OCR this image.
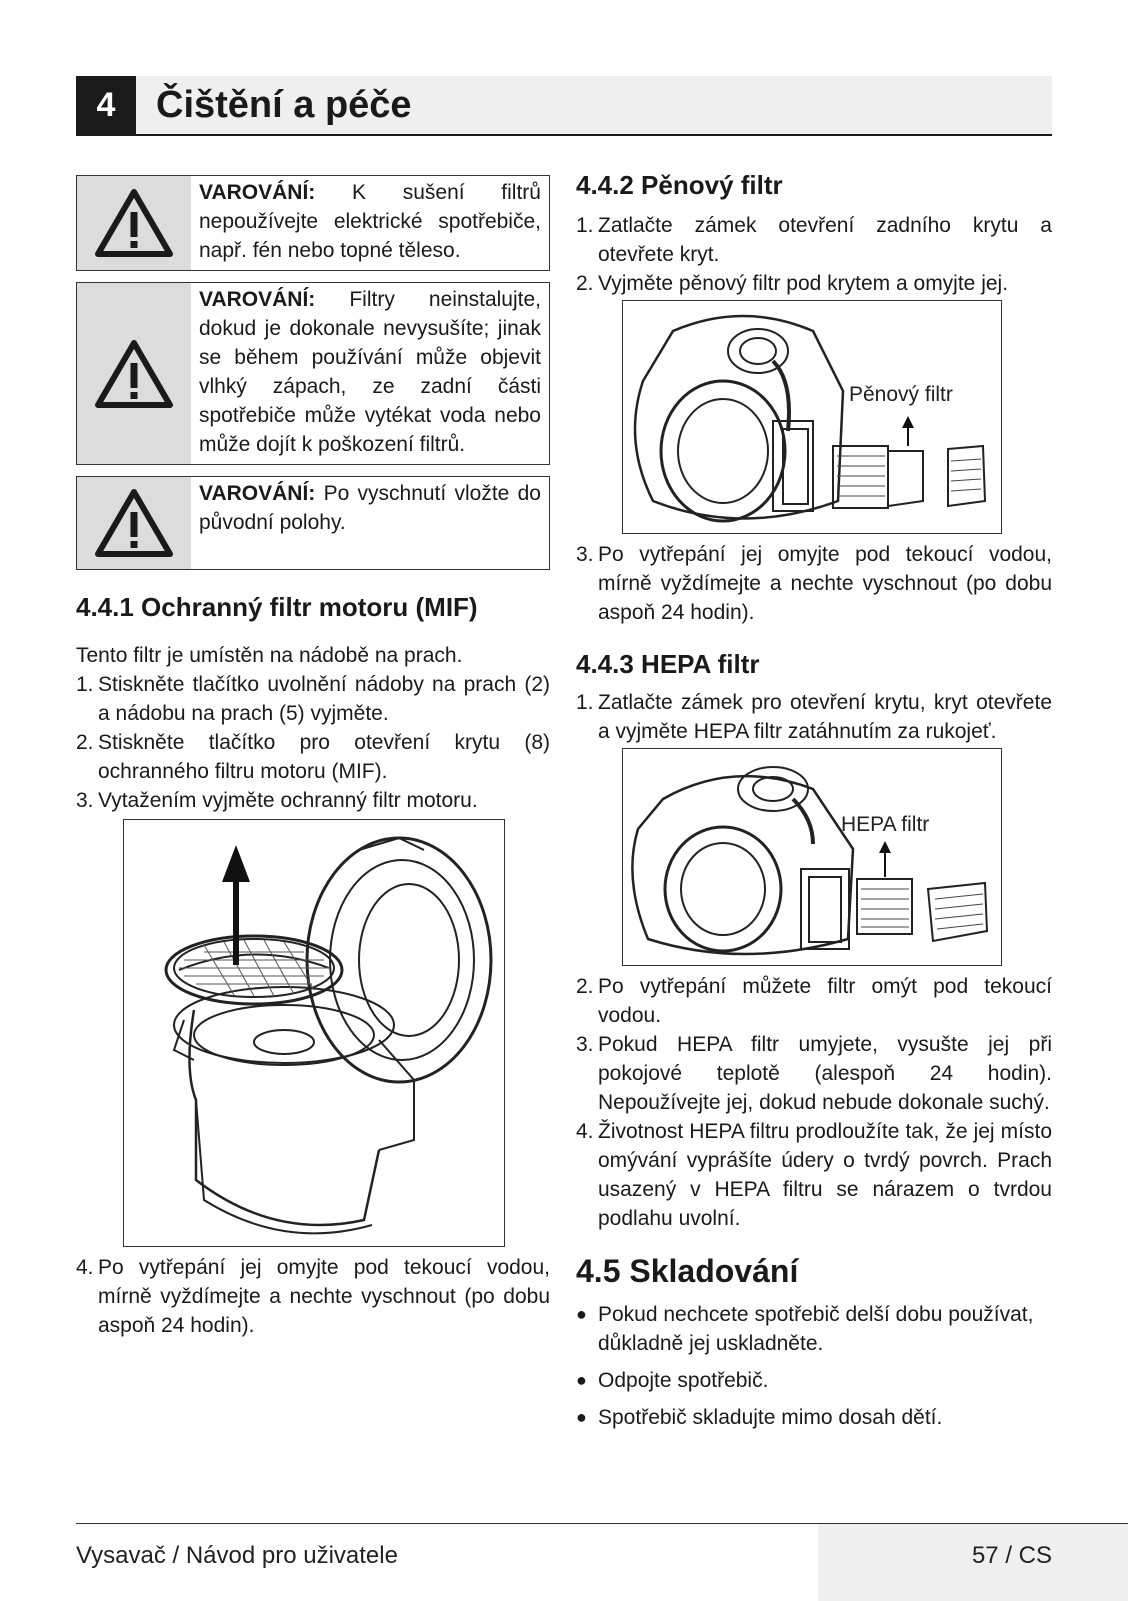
4	Čištění a péče
VAROVÁNÍ: K sušení filtrů nepoužívejte elektrické spotřebiče, např. fén nebo topné těleso.
VAROVÁNÍ: Filtry neinstalujte, dokud je dokonale nevysušíte; jinak se během používání může objevit vlhký zápach, ze zadní části spotřebiče může vytékat voda nebo může dojít k poškození filtrů.
VAROVÁNÍ: Po vyschnutí vložte do původní polohy.
4.4.1 Ochranný filtr motoru (MIF)

Tento filtr je umístěn na nádobě na prach.

1. Stiskněte tlačítko uvolnění nádoby na prach (2) a nádobu na prach (5) vyjměte.
2. Stiskněte tlačítko pro otevření krytu (8) ochranného filtru motoru (MIF).
3. Vytažením vyjměte ochranný filtr motoru.
4. Po vytřepání jej omyjte pod tekoucí vodou, mírně vyždímejte a nechte vyschnout (po dobu aspoň 24 hodin).
4.4.2 Pěnový filtr
1. Zatlačte zámek otevření zadního krytu a otevřete kryt.
2. Vyjměte pěnový filtr pod krytem a omyjte jej.
Pěnový filtr
3. Po vytřepání jej omyjte pod tekoucí vodou, mírně vyždímejte a nechte vyschnout (po dobu aspoň 24 hodin).
4.4.3 HEPA filtr
1. Zatlačte zámek pro otevření krytu, kryt otevřete a vyjměte HEPA filtr zatáhnutím za rukojeť.
HEPA filtr
2. Po vytřepání můžete filtr omýt pod tekoucí vodou.
3. Pokud HEPA filtr umyjete, vysušte jej při pokojové teplotě (alespoň 24 hodin). Nepoužívejte jej, dokud nebude dokonale suchý.
4. Životnost HEPA filtru prodloužíte tak, že jej místo omývání vyprášíte údery o tvrdý povrch. Prach usazený v HEPA filtru se nárazem o tvrdou podlahu uvolní.
4.5 Skladování
● Pokud nechcete spotřebič delší dobu používat, důkladně jej uskladněte.
● Odpojte spotřebič.
● Spotřebič skladujte mimo dosah dětí.
Vysavač / Návod pro uživatele	57 / CS
